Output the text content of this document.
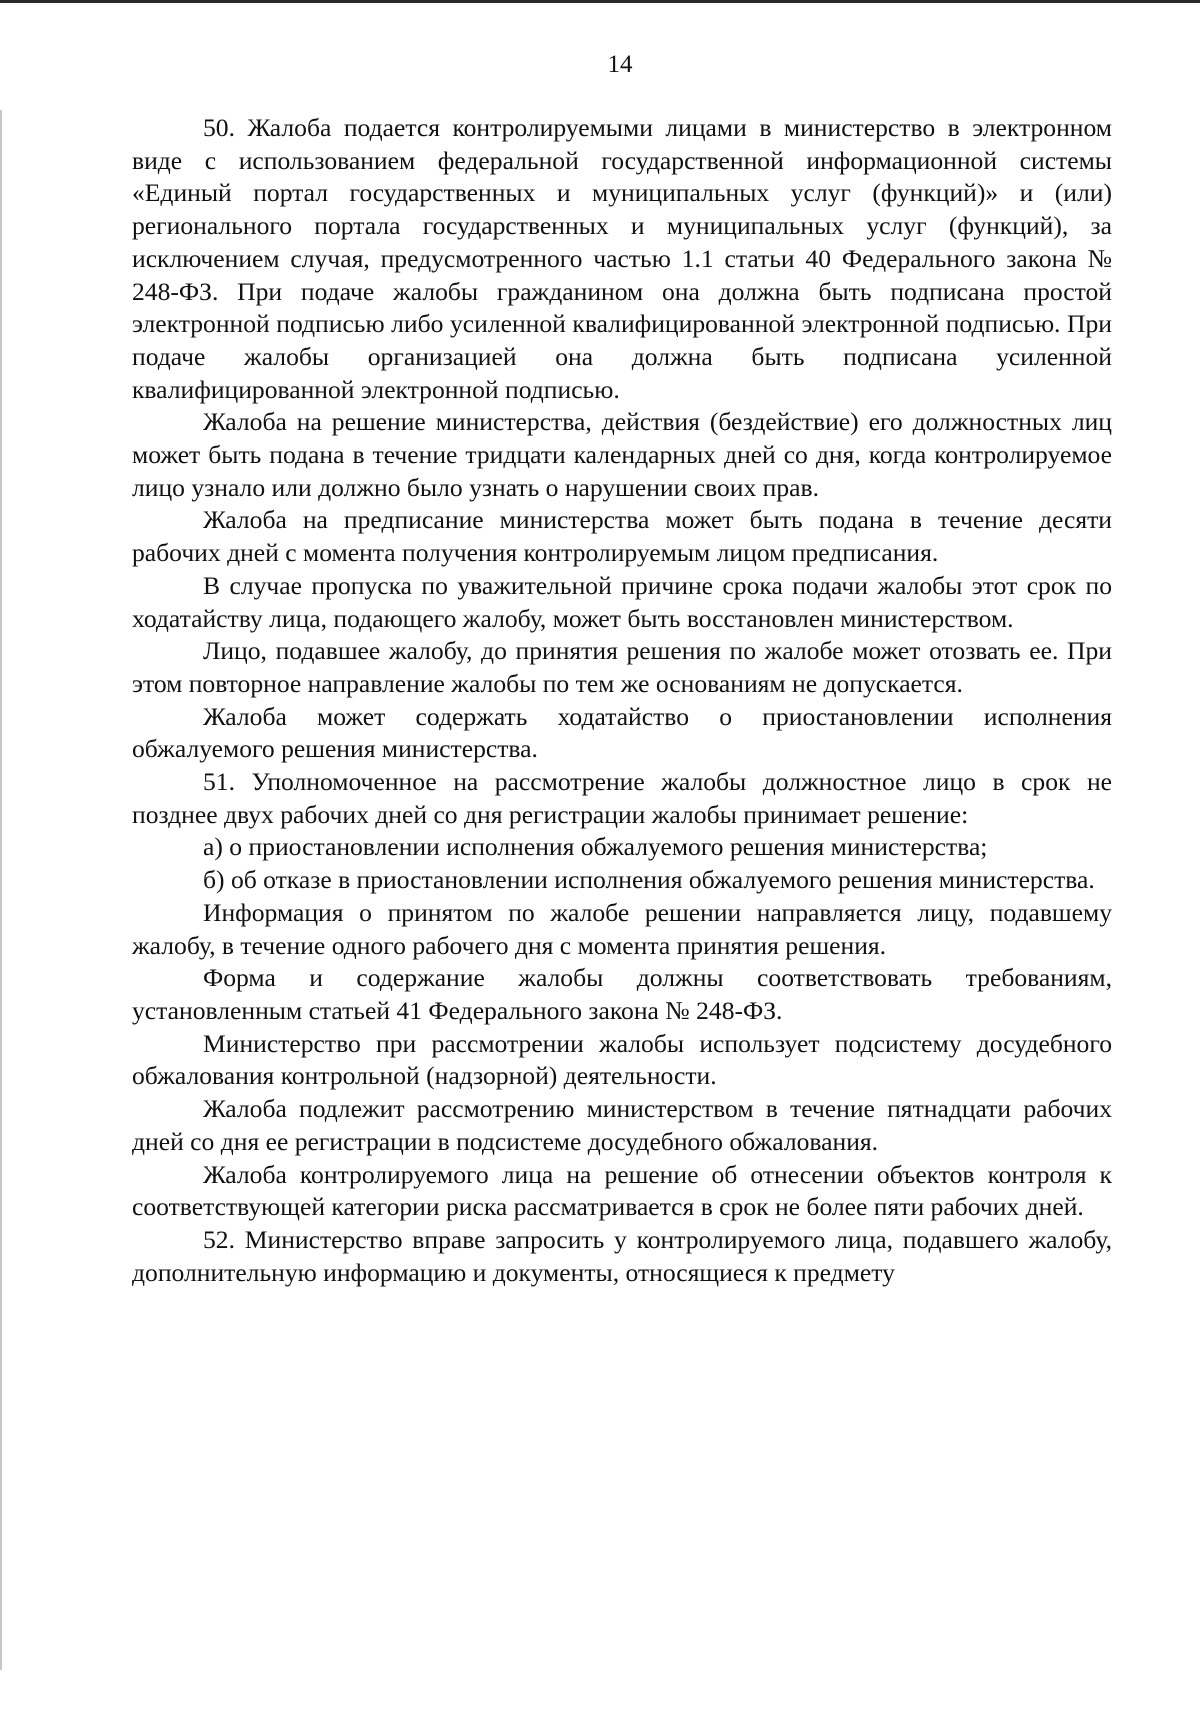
14

50. Жалоба подается контролируемыми лицами в министерство в электронном виде с использованием федеральной государственной информационной системы «Единый портал государственных и муниципальных услуг (функций)» и (или) регионального портала государственных и муниципальных услуг (функций), за исключением случая, предусмотренного частью 1.1 статьи 40 Федерального закона № 248-ФЗ. При подаче жалобы гражданином она должна быть подписана простой электронной подписью либо усиленной квалифицированной электронной подписью. При подаче жалобы организацией она должна быть подписана усиленной квалифицированной электронной подписью.

Жалоба на решение министерства, действия (бездействие) его должностных лиц может быть подана в течение тридцати календарных дней со дня, когда контролируемое лицо узнало или должно было узнать о нарушении своих прав.

Жалоба на предписание министерства может быть подана в течение десяти рабочих дней с момента получения контролируемым лицом предписания.

В случае пропуска по уважительной причине срока подачи жалобы этот срок по ходатайству лица, подающего жалобу, может быть восстановлен министерством.

Лицо, подавшее жалобу, до принятия решения по жалобе может отозвать ее. При этом повторное направление жалобы по тем же основаниям не допускается.

Жалоба может содержать ходатайство о приостановлении исполнения обжалуемого решения министерства.

51. Уполномоченное на рассмотрение жалобы должностное лицо в срок не позднее двух рабочих дней со дня регистрации жалобы принимает решение:

а) о приостановлении исполнения обжалуемого решения министерства;

б) об отказе в приостановлении исполнения обжалуемого решения министерства.

Информация о принятом по жалобе решении направляется лицу, подавшему жалобу, в течение одного рабочего дня с момента принятия решения.

Форма и содержание жалобы должны соответствовать требованиям, установленным статьей 41 Федерального закона № 248-ФЗ.

Министерство при рассмотрении жалобы использует подсистему досудебного обжалования контрольной (надзорной) деятельности.

Жалоба подлежит рассмотрению министерством в течение пятнадцати рабочих дней со дня ее регистрации в подсистеме досудебного обжалования.

Жалоба контролируемого лица на решение об отнесении объектов контроля к соответствующей категории риска рассматривается в срок не более пяти рабочих дней.

52. Министерство вправе запросить у контролируемого лица, подавшего жалобу, дополнительную информацию и документы, относящиеся к предмету
